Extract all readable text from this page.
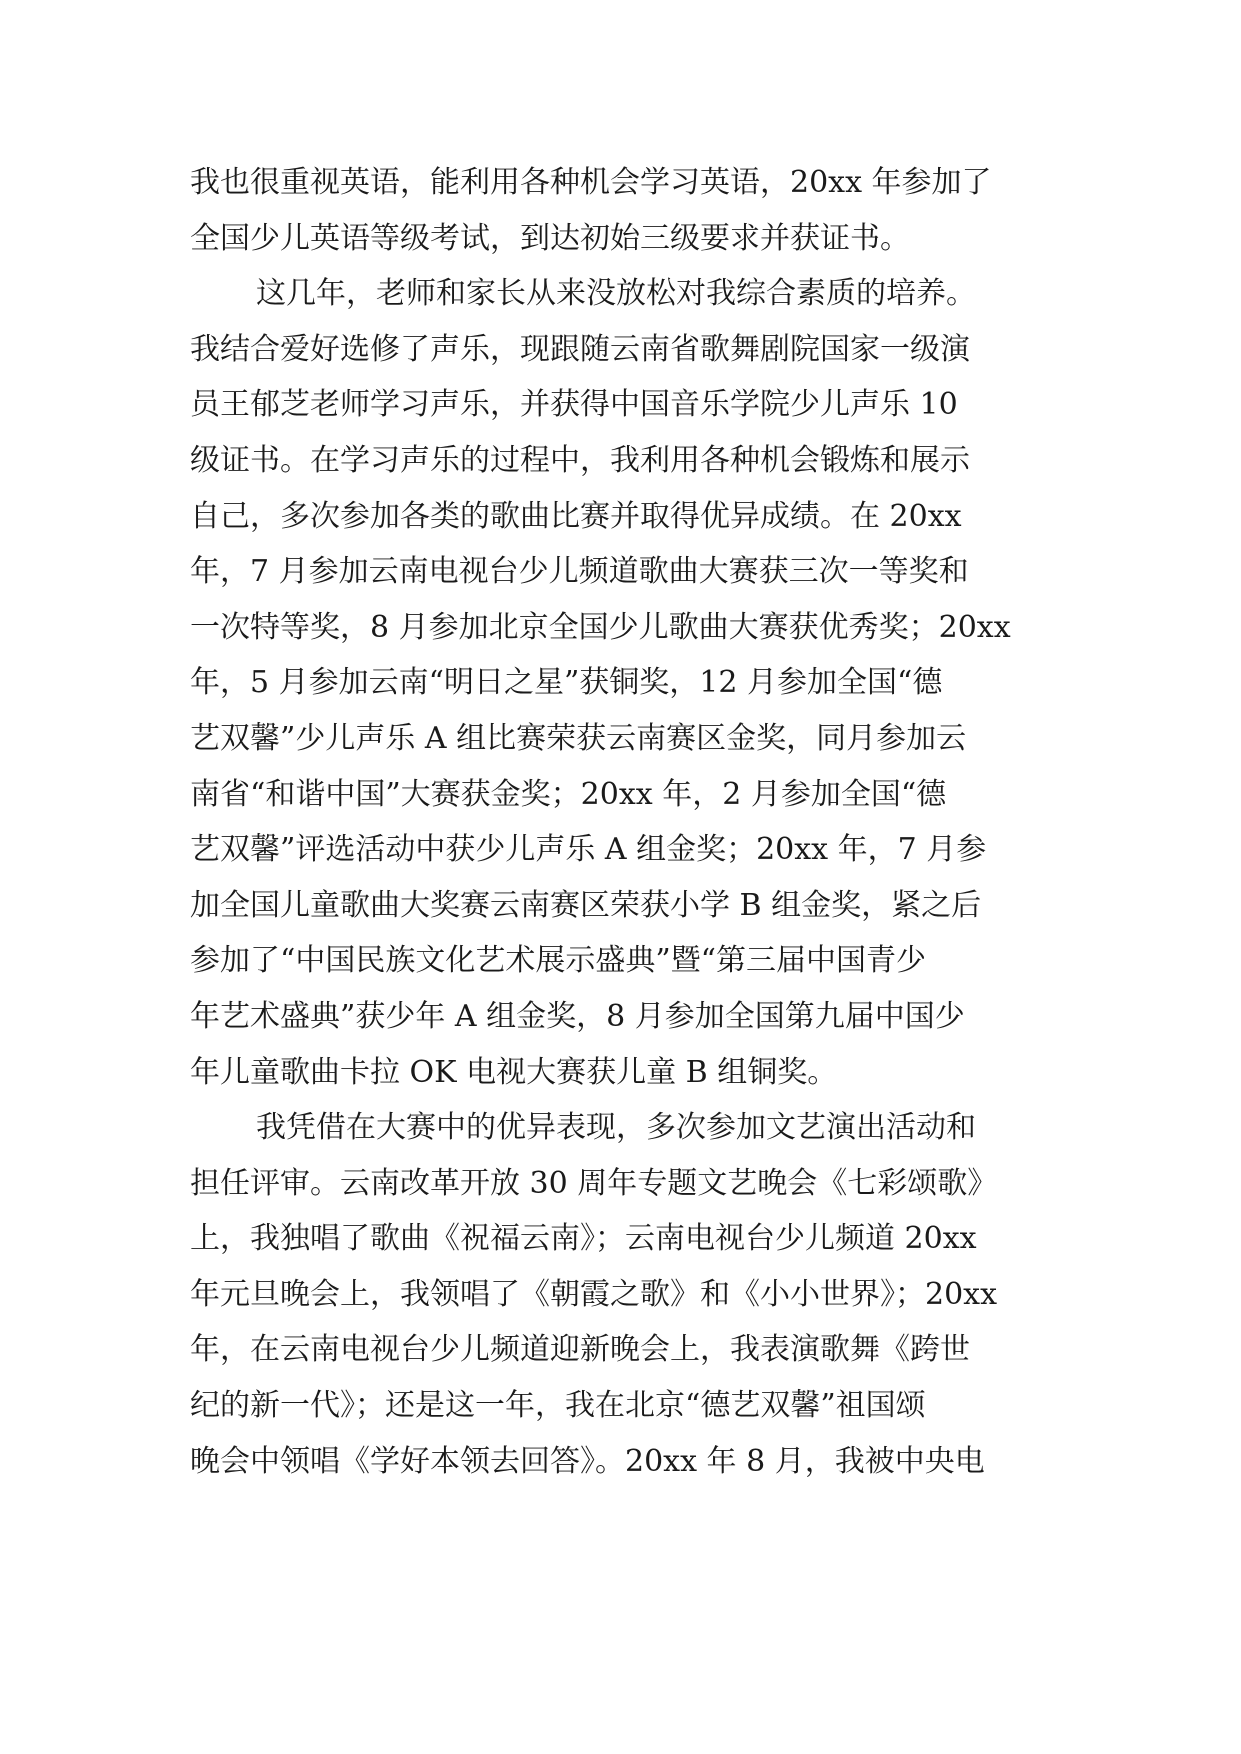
我也很重视英语，能利用各种机会学习英语，20xx 年参加了
全国少儿英语等级考试，到达初始三级要求并获证书。
这几年，老师和家长从来没放松对我综合素质的培养。
我结合爱好选修了声乐，现跟随云南省歌舞剧院国家一级演
员王郁芝老师学习声乐，并获得中国音乐学院少儿声乐 10
级证书。在学习声乐的过程中，我利用各种机会锻炼和展示
自己，多次参加各类的歌曲比赛并取得优异成绩。在 20xx
年，7 月参加云南电视台少儿频道歌曲大赛获三次一等奖和
一次特等奖，8 月参加北京全国少儿歌曲大赛获优秀奖；20xx
年，5 月参加云南“明日之星”获铜奖，12 月参加全国“德
艺双馨”少儿声乐 A 组比赛荣获云南赛区金奖，同月参加云
南省“和谐中国”大赛获金奖；20xx 年，2 月参加全国“德
艺双馨”评选活动中获少儿声乐 A 组金奖；20xx 年，7 月参
加全国儿童歌曲大奖赛云南赛区荣获小学 B 组金奖，紧之后
参加了“中国民族文化艺术展示盛典”暨“第三届中国青少
年艺术盛典”获少年 A 组金奖，8 月参加全国第九届中国少
年儿童歌曲卡拉 OK 电视大赛获儿童 B 组铜奖。
我凭借在大赛中的优异表现，多次参加文艺演出活动和
担任评审。云南改革开放 30 周年专题文艺晚会《七彩颂歌》
上，我独唱了歌曲《祝福云南》；云南电视台少儿频道 20xx
年元旦晚会上，我领唱了《朝霞之歌》和《小小世界》；20xx
年，在云南电视台少儿频道迎新晚会上，我表演歌舞《跨世
纪的新一代》；还是这一年，我在北京“德艺双馨”祖国颂
晚会中领唱《学好本领去回答》。20xx 年 8 月，我被中央电
